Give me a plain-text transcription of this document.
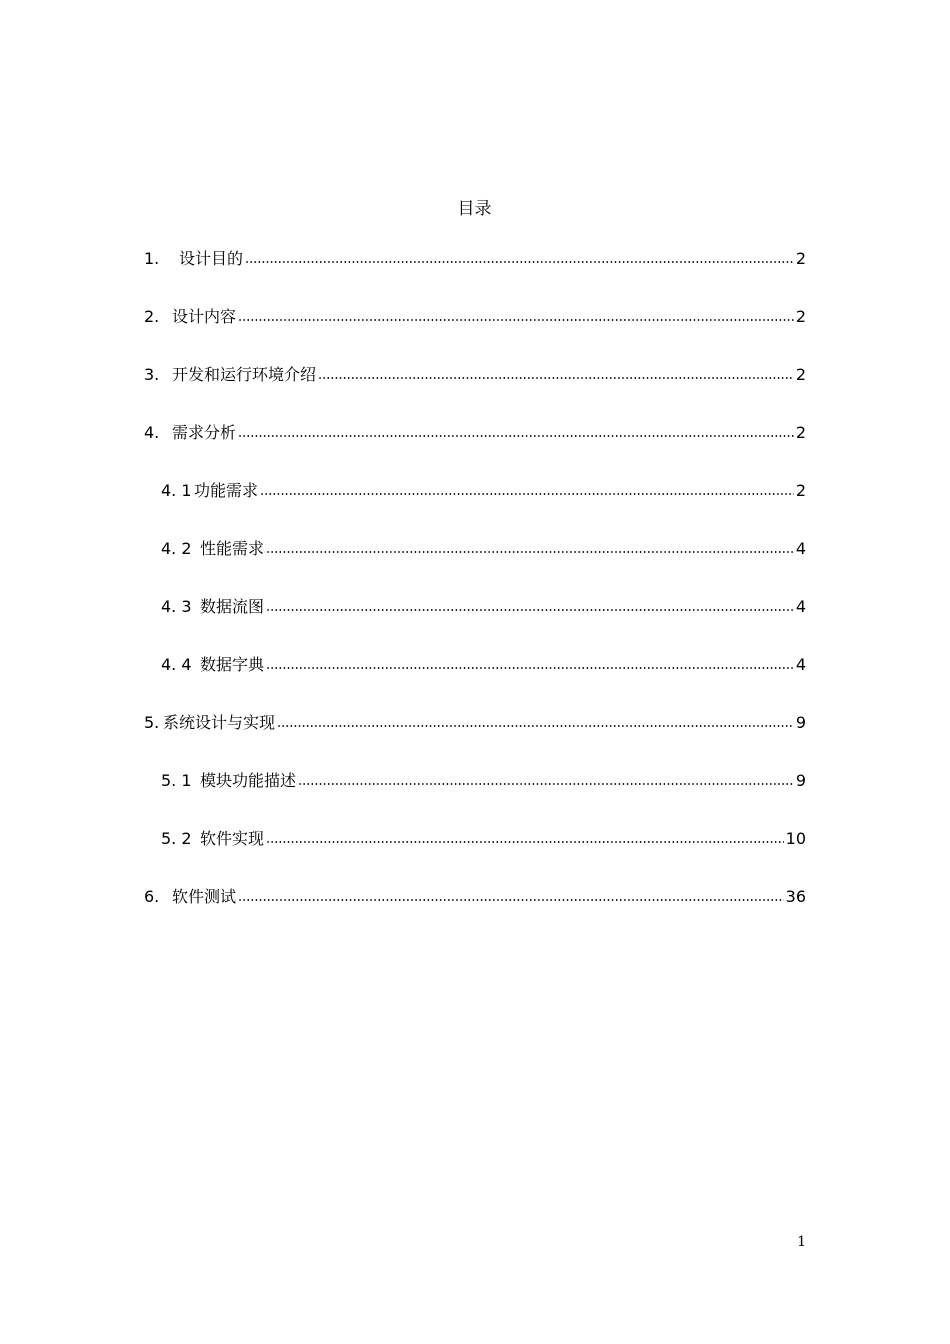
目录
1.	设计目的	2
2. 设计内容	2
3. 开发和运行环境介绍	2
4. 需求分析	2
4. 1 功能需求	2
4. 2 性能需求	4
4. 3 数据流图	4
4. 4 数据字典	4
5. 系统设计与实现	9
5. 1 模块功能描述	9
5. 2 软件实现	10
6. 软件测试	36
1
